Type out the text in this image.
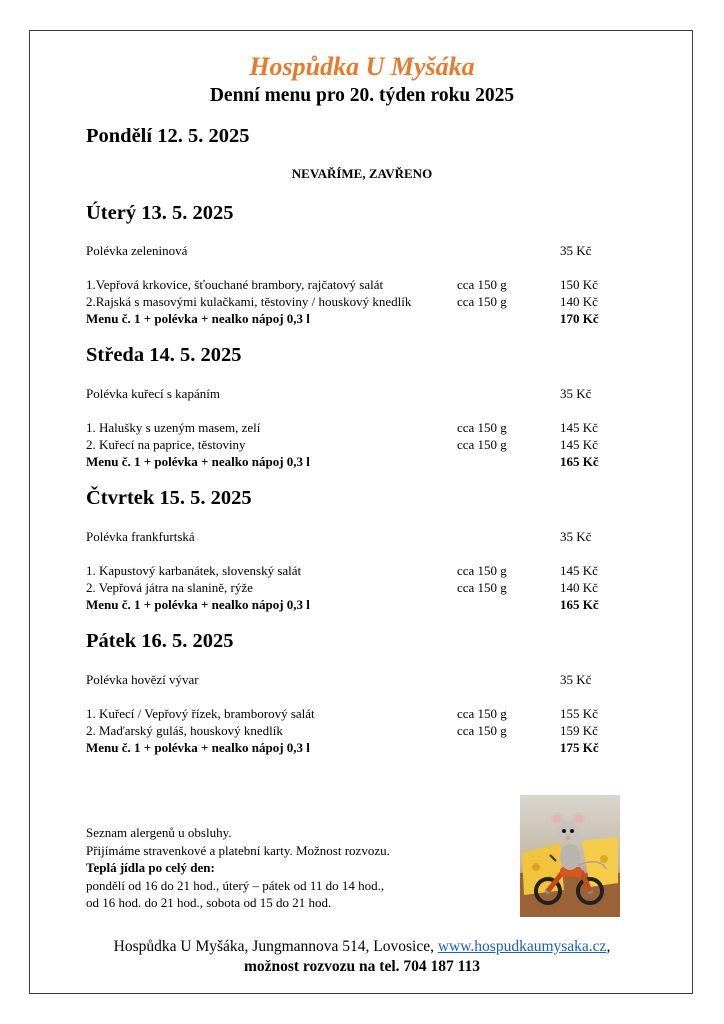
Hospůdka U Myšáka
Denní menu pro 20. týden roku 2025
Pondělí 12. 5. 2025
NEVAŘÍME, ZAVŘENO
Úterý 13. 5. 2025
Polévka zeleninová	35 Kč
1.Vepřová krkovice, šťouchané brambory, rajčatový salát	cca 150 g	150 Kč
2.Rajská s masovými kulačkami, těstoviny / houskový knedlík	cca 150 g	140 Kč
Menu č. 1 + polévka + nealko nápoj 0,3 l	170 Kč
Středa 14. 5. 2025
Polévka kuřecí s kapáním	35 Kč
1. Halušky s uzeným masem, zelí	cca 150 g	145 Kč
2. Kuřecí na paprice, těstoviny	cca 150 g	145 Kč
Menu č. 1 + polévka + nealko nápoj 0,3 l	165 Kč
Čtvrtek 15. 5. 2025
Polévka frankfurtská	35 Kč
1. Kapustový karbanátek, slovenský salát	cca 150 g	145 Kč
2. Vepřová játra na slanině, rýže	cca 150 g	140 Kč
Menu č. 1 + polévka + nealko nápoj 0,3 l	165 Kč
Pátek 16. 5. 2025
Polévka hovězí vývar	35 Kč
1. Kuřecí / Vepřový řízek, bramborový salát	cca 150 g	155 Kč
2. Maďarský guláš, houskový knedlík	cca 150 g	159 Kč
Menu č. 1 + polévka + nealko nápoj 0,3 l	175 Kč
Seznam alergenů u obsluhy.
Přijímáme stravenkové a platební karty. Možnost rozvozu.
Teplá jídla po celý den:
pondělí od 16 do 21 hod., úterý – pátek od 11 do 14 hod.,
od 16 hod. do 21 hod., sobota od 15 do 21 hod.
Hospůdka U Myšáka, Jungmannova 514, Lovosice, www.hospudkaumysaka.cz,
možnost rozvozu na tel. 704 187 113
